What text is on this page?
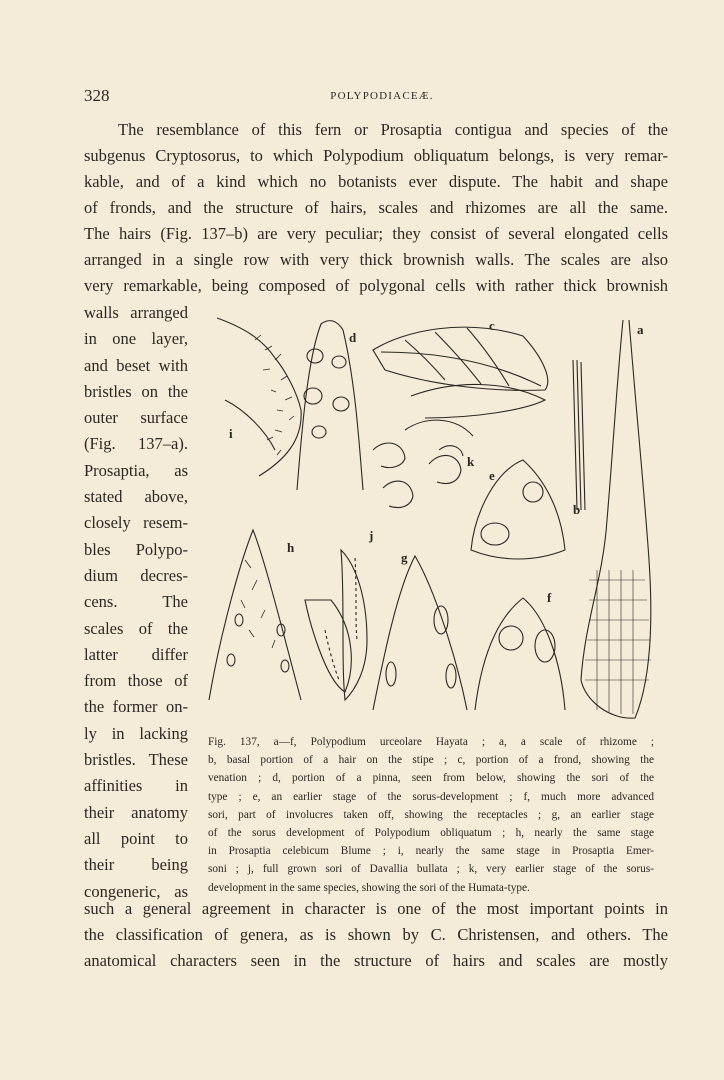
328	POLYPODIACEÆ.
The resemblance of this fern or Prosaptia contigua and species of the
subgenus Cryptosorus, to which Polypodium obliquatum belongs, is very remar-
kable, and of a kind which no botanists ever dispute. The habit and shape
of fronds, and the structure of hairs, scales and rhizomes are all the same.
The hairs (Fig. 137–b) are very peculiar; they consist of several elongated cells
arranged in a single row with very thick brownish walls. The scales are also
very remarkable, being composed of polygonal cells with rather thick brownish
walls arranged
in one layer,
and beset with
bristles on the
outer surface
(Fig. 137–a).
Prosaptia, as
stated above,
closely resem-
bles Polypo-
dium decres-
cens. The
scales of the
latter differ
from those of
the former on-
ly in lacking
bristles. These
affinities in
their anatomy
all point to
their being
congeneric, as
a
b
c
d
e
f
g
h
i
j
k
Fig. 137, a—f, Polypodium urceolare Hayata ; a, a scale of rhizome ;
b, basal portion of a hair on the stipe ; c, portion of a frond, showing the
venation ; d, portion of a pinna, seen from below, showing the sori of the
type ; e, an earlier stage of the sorus-development ; f, much more advanced
sori, part of involucres taken off, showing the receptacles ; g, an earlier stage
of the sorus development of Polypodium obliquatum ; h, nearly the same stage
in Prosaptia celebicum Blume ; i, nearly the same stage in Prosaptia Emer-
soni ; j, full grown sori of Davallia bullata ; k, very earlier stage of the sorus-
development in the same species, showing the sori of the Humata-type.
such a general agreement in character is one of the most important points in
the classification of genera, as is shown by C. Christensen, and others. The
anatomical characters seen in the structure of hairs and scales are mostly
